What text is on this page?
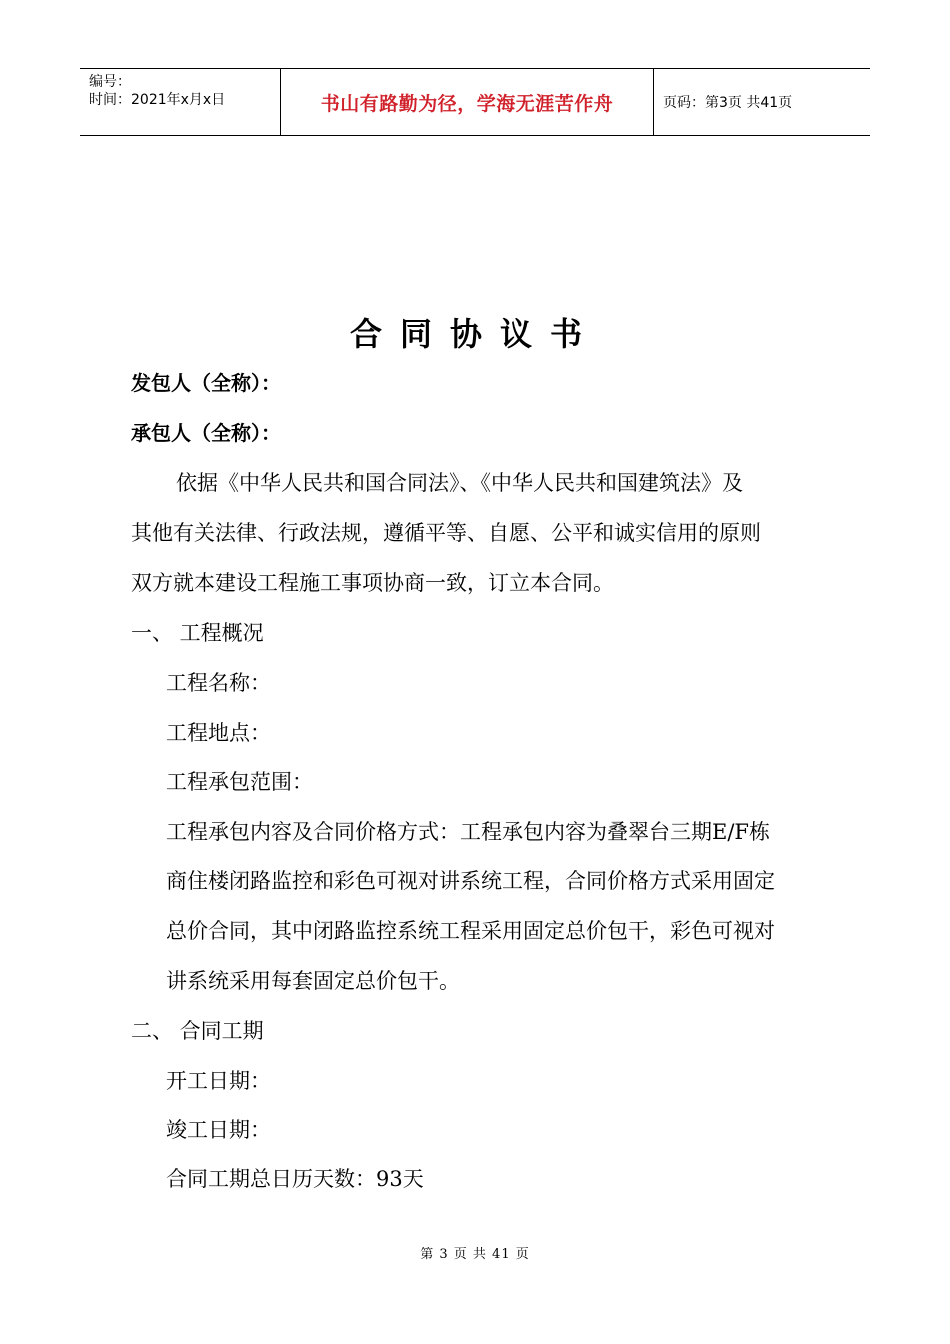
编号：
时间：2021年x月x日	书山有路勤为径，学海无涯苦作舟	页码：第3页 共41页
合同协议书
发包人（全称）：
承包人（全称）：
依据《中华人民共和国合同法》、《中华人民共和国建筑法》及
其他有关法律、行政法规，遵循平等、自愿、公平和诚实信用的原则
双方就本建设工程施工事项协商一致，订立本合同。
一、 工程概况
工程名称：
工程地点：
工程承包范围：
工程承包内容及合同价格方式：工程承包内容为叠翠台三期E/F栋
商住楼闭路监控和彩色可视对讲系统工程，合同价格方式采用固定
总价合同，其中闭路监控系统工程采用固定总价包干，彩色可视对
讲系统采用每套固定总价包干。
二、 合同工期
开工日期：
竣工日期：
合同工期总日历天数：93天
第 3 页 共 41 页
